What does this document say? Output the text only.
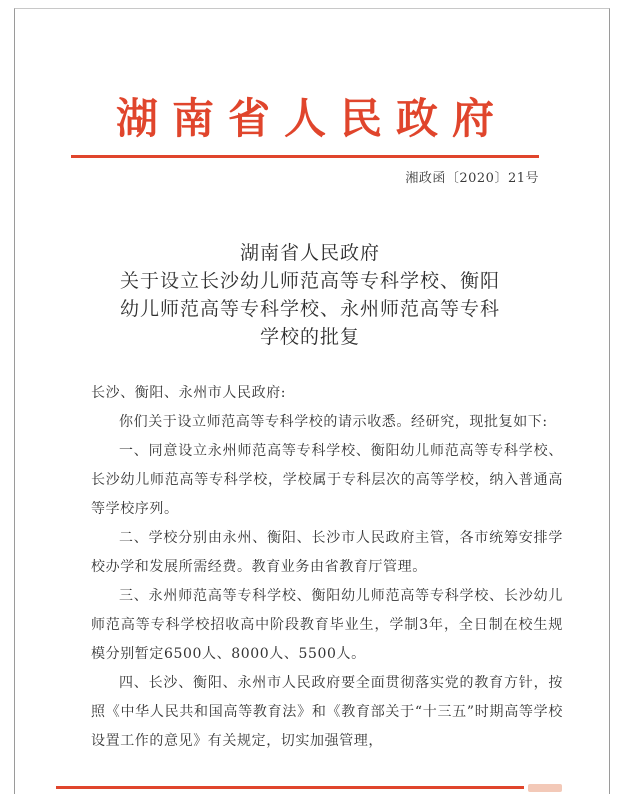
湖南省人民政府
湘政函〔2020〕21号
湖南省人民政府
关于设立长沙幼儿师范高等专科学校、衡阳
幼儿师范高等专科学校、永州师范高等专科
学校的批复

长沙、衡阳、永州市人民政府:

你们关于设立师范高等专科学校的请示收悉。经研究，现批复如下:

一、同意设立永州师范高等专科学校、衡阳幼儿师范高等专科学校、长沙幼儿师范高等专科学校，学校属于专科层次的高等学校，纳入普通高等学校序列。

二、学校分别由永州、衡阳、长沙市人民政府主管，各市统筹安排学校办学和发展所需经费。教育业务由省教育厅管理。

三、永州师范高等专科学校、衡阳幼儿师范高等专科学校、长沙幼儿师范高等专科学校招收高中阶段教育毕业生，学制3年，全日制在校生规模分别暂定6500人、8000人、5500人。

四、长沙、衡阳、永州市人民政府要全面贯彻落实党的教育方针，按照《中华人民共和国高等教育法》和《教育部关于“十三五”时期高等学校设置工作的意见》有关规定，切实加强管理，
